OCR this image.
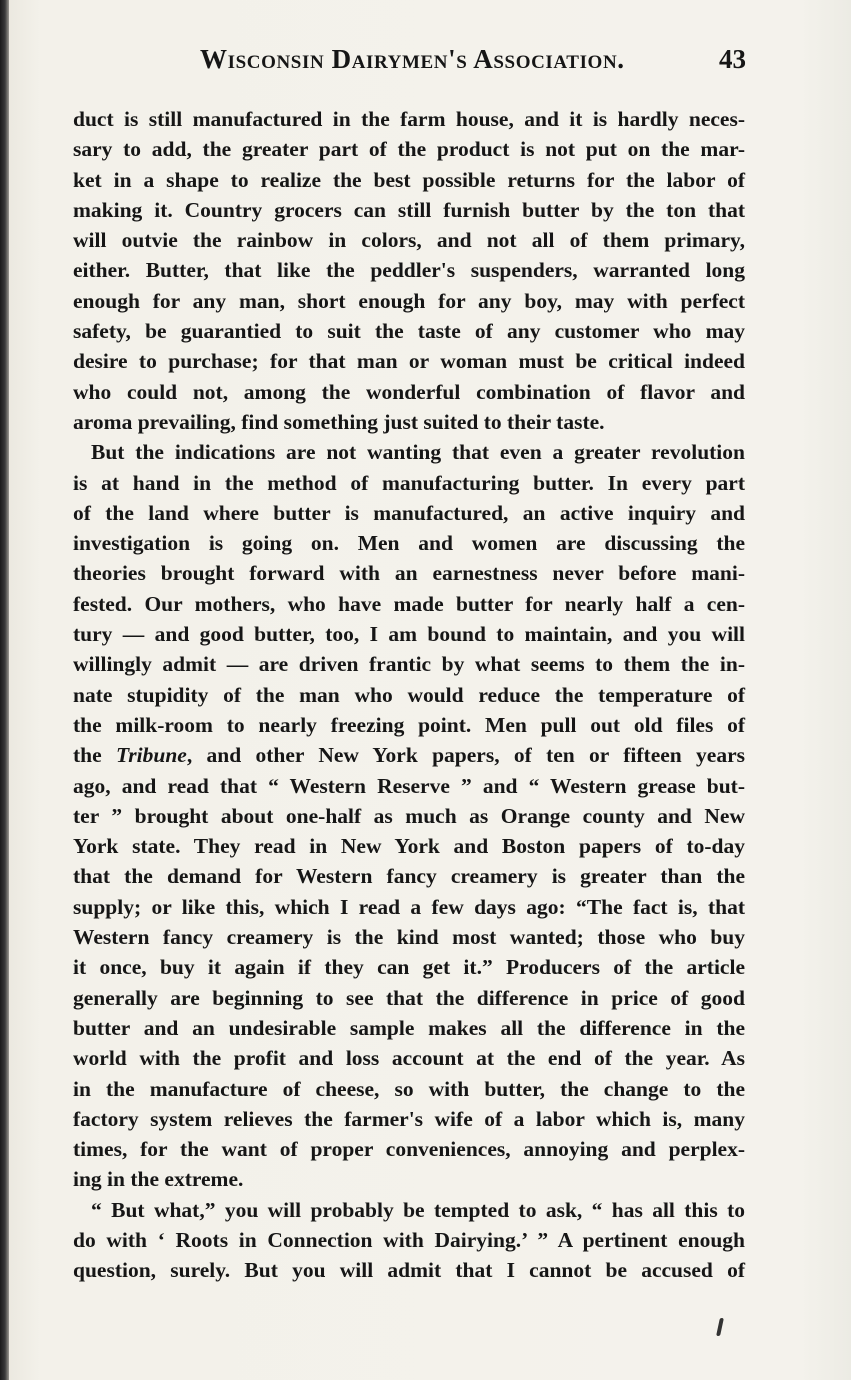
Wisconsin Dairymen's Association.	43
duct is still manufactured in the farm house, and it is hardly neces-
sary to add, the greater part of the product is not put on the mar-
ket in a shape to realize the best possible returns for the labor of
making it. Country grocers can still furnish butter by the ton that
will outvie the rainbow in colors, and not all of them primary,
either. Butter, that like the peddler's suspenders, warranted long
enough for any man, short enough for any boy, may with perfect
safety, be guarantied to suit the taste of any customer who may
desire to purchase; for that man or woman must be critical indeed
who could not, among the wonderful combination of flavor and
aroma prevailing, find something just suited to their taste.
But the indications are not wanting that even a greater revolution
is at hand in the method of manufacturing butter. In every part
of the land where butter is manufactured, an active inquiry and
investigation is going on. Men and women are discussing the
theories brought forward with an earnestness never before mani-
fested. Our mothers, who have made butter for nearly half a cen-
tury — and good butter, too, I am bound to maintain, and you will
willingly admit — are driven frantic by what seems to them the in-
nate stupidity of the man who would reduce the temperature of
the milk-room to nearly freezing point. Men pull out old files of
the Tribune, and other New York papers, of ten or fifteen years
ago, and read that “ Western Reserve ” and “ Western grease but-
ter ” brought about one-half as much as Orange county and New
York state. They read in New York and Boston papers of to-day
that the demand for Western fancy creamery is greater than the
supply; or like this, which I read a few days ago: “The fact is, that
Western fancy creamery is the kind most wanted; those who buy
it once, buy it again if they can get it.” Producers of the article
generally are beginning to see that the difference in price of good
butter and an undesirable sample makes all the difference in the
world with the profit and loss account at the end of the year. As
in the manufacture of cheese, so with butter, the change to the
factory system relieves the farmer's wife of a labor which is, many
times, for the want of proper conveniences, annoying and perplex-
ing in the extreme.
“ But what,” you will probably be tempted to ask, “ has all this to
do with ‘ Roots in Connection with Dairying.’ ” A pertinent enough
question, surely. But you will admit that I cannot be accused of
